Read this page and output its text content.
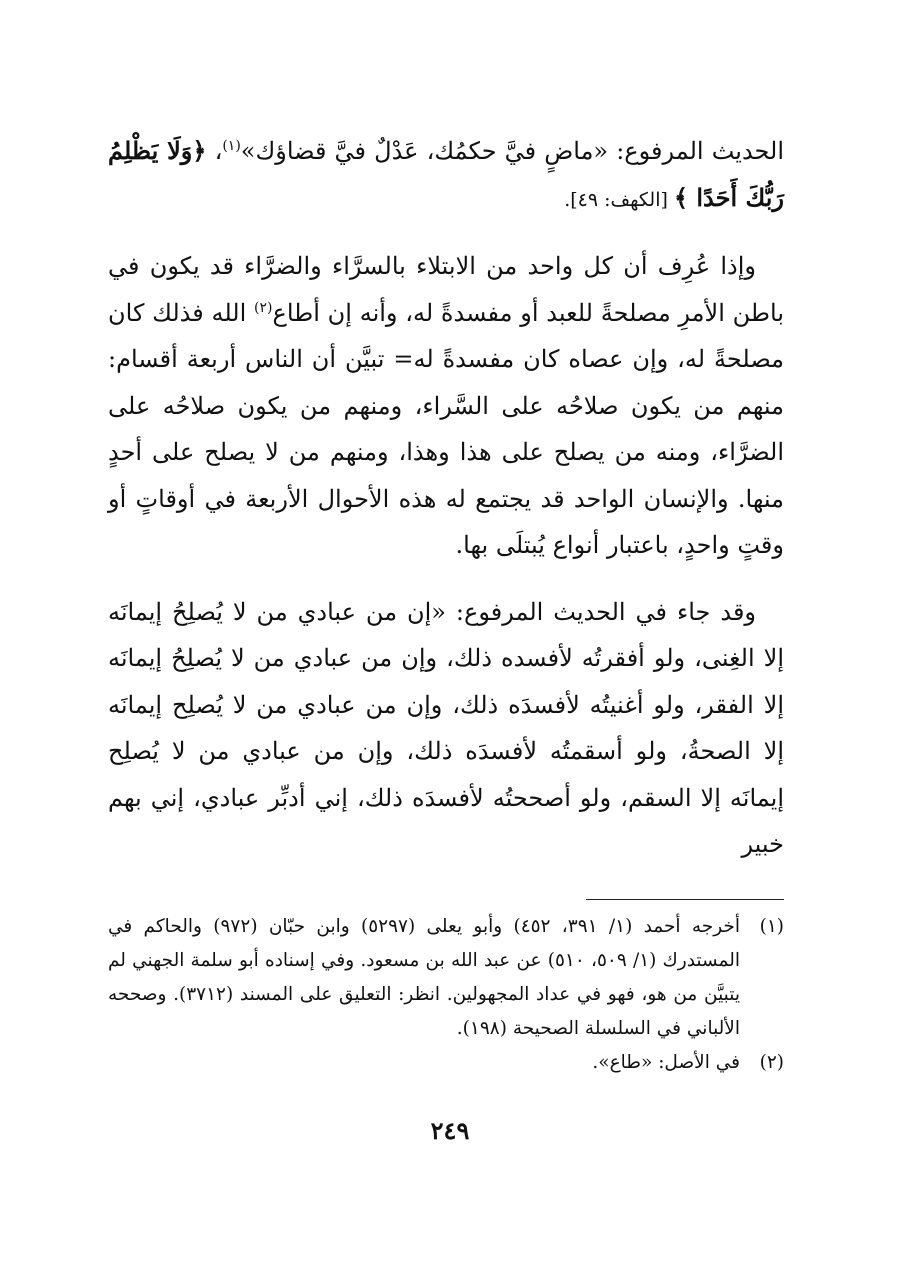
الحديث المرفوع: «ماضٍ فيَّ حكمُك، عَدْلٌ فيَّ قضاؤك»$^{(١)}$، ﴿وَلَا يَظْلِمُ رَبُّكَ أَحَدًا ﴾ [الكهف: ٤٩].

وإذا عُرِف أن كل واحد من الابتلاء بالسرَّاء والضرَّاء قد يكون في باطن الأمرِ مصلحةً للعبد أو مفسدةً له، وأنه إن أطاع$^{(٢)}$ الله فذلك كان مصلحةً له، وإن عصاه كان مفسدةً له= تبيَّن أن الناس أربعة أقسام: منهم من يكون صلاحُه على السَّراء، ومنهم من يكون صلاحُه على الضرَّاء، ومنه من يصلح على هذا وهذا، ومنهم من لا يصلح على أحدٍ منها. والإنسان الواحد قد يجتمع له هذه الأحوال الأربعة في أوقاتٍ أو وقتٍ واحدٍ، باعتبار أنواع يُبتلَى بها.

وقد جاء في الحديث المرفوع: «إن من عبادي من لا يُصلِحُ إيمانَه إلا الغِنى، ولو أفقرتُه لأفسده ذلك، وإن من عبادي من لا يُصلِحُ إيمانَه إلا الفقر، ولو أغنيتُه لأفسدَه ذلك، وإن من عبادي من لا يُصلِح إيمانَه إلا الصحةُ، ولو أسقمتُه لأفسدَه ذلك، وإن من عبادي من لا يُصلِح إيمانَه إلا السقم، ولو أصححتُه لأفسدَه ذلك، إني أدبِّر عبادي، إني بهم خبير

(١)
أخرجه أحمد (١/ ٣٩١، ٤٥٢) وأبو يعلى (٥٢٩٧) وابن حبّان (٩٧٢) والحاكم في المستدرك (١/ ٥٠٩، ٥١٠) عن عبد الله بن مسعود. وفي إسناده أبو سلمة الجهني لم يتبيَّن من هو، فهو في عداد المجهولين. انظر: التعليق على المسند (٣٧١٢). وصححه الألباني في السلسلة الصحيحة (١٩٨).
(٢)
في الأصل: «طاع».
٢٤٩
